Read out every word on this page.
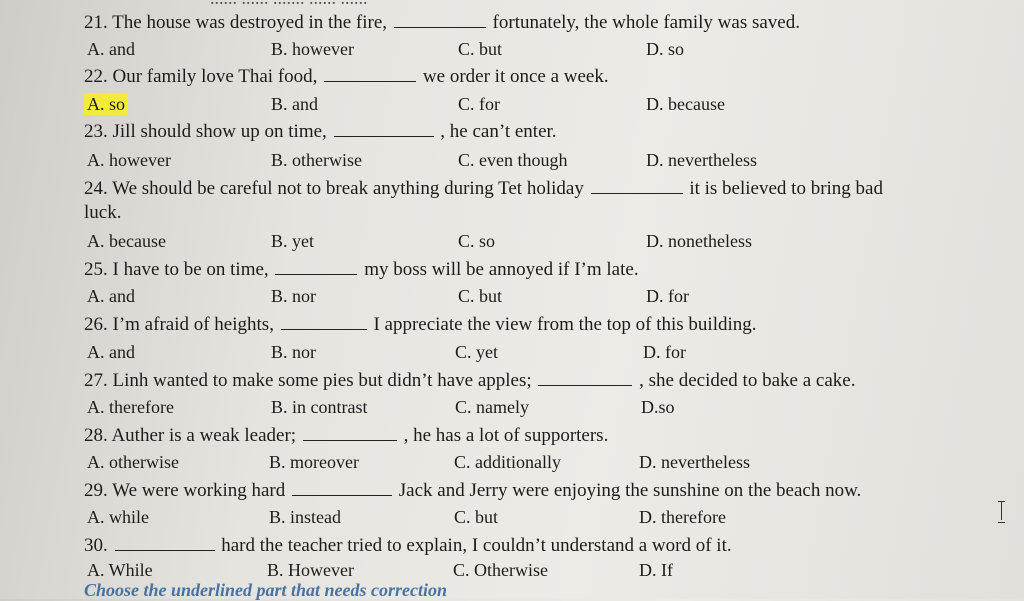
21. The house was destroyed in the fire,	fortunately, the whole family was saved.
A. and	B. however	C. but	D. so
22. Our family love Thai food,	we order it once a week.
A. so	B. and	C. for	D. because
23. Jill should show up on time,	, he can’t enter.
A. however	B. otherwise	C. even though	D. nevertheless
24. We should be careful not to break anything during Tet holiday	it is believed to bring bad
luck.
A. because	B. yet	C. so	D. nonetheless
25. I have to be on time,	my boss will be annoyed if I’m late.
A. and	B. nor	C. but	D. for
26. I’m afraid of heights,	I appreciate the view from the top of this building.
A. and	B. nor	C. yet	D. for
27. Linh wanted to make some pies but didn’t have apples;	, she decided to bake a cake.
A. therefore	B. in contrast	C. namely	D.so
28. Auther is a weak leader;	, he has a lot of supporters.
A. otherwise	B. moreover	C. additionally	D. nevertheless
29. We were working hard	Jack and Jerry were enjoying the sunshine on the beach now.
A. while	B. instead	C. but	D. therefore
30.	hard the teacher tried to explain, I couldn’t understand a word of it.
A. While	B. However	C. Otherwise	D. If
Choose the underlined part that needs correction
